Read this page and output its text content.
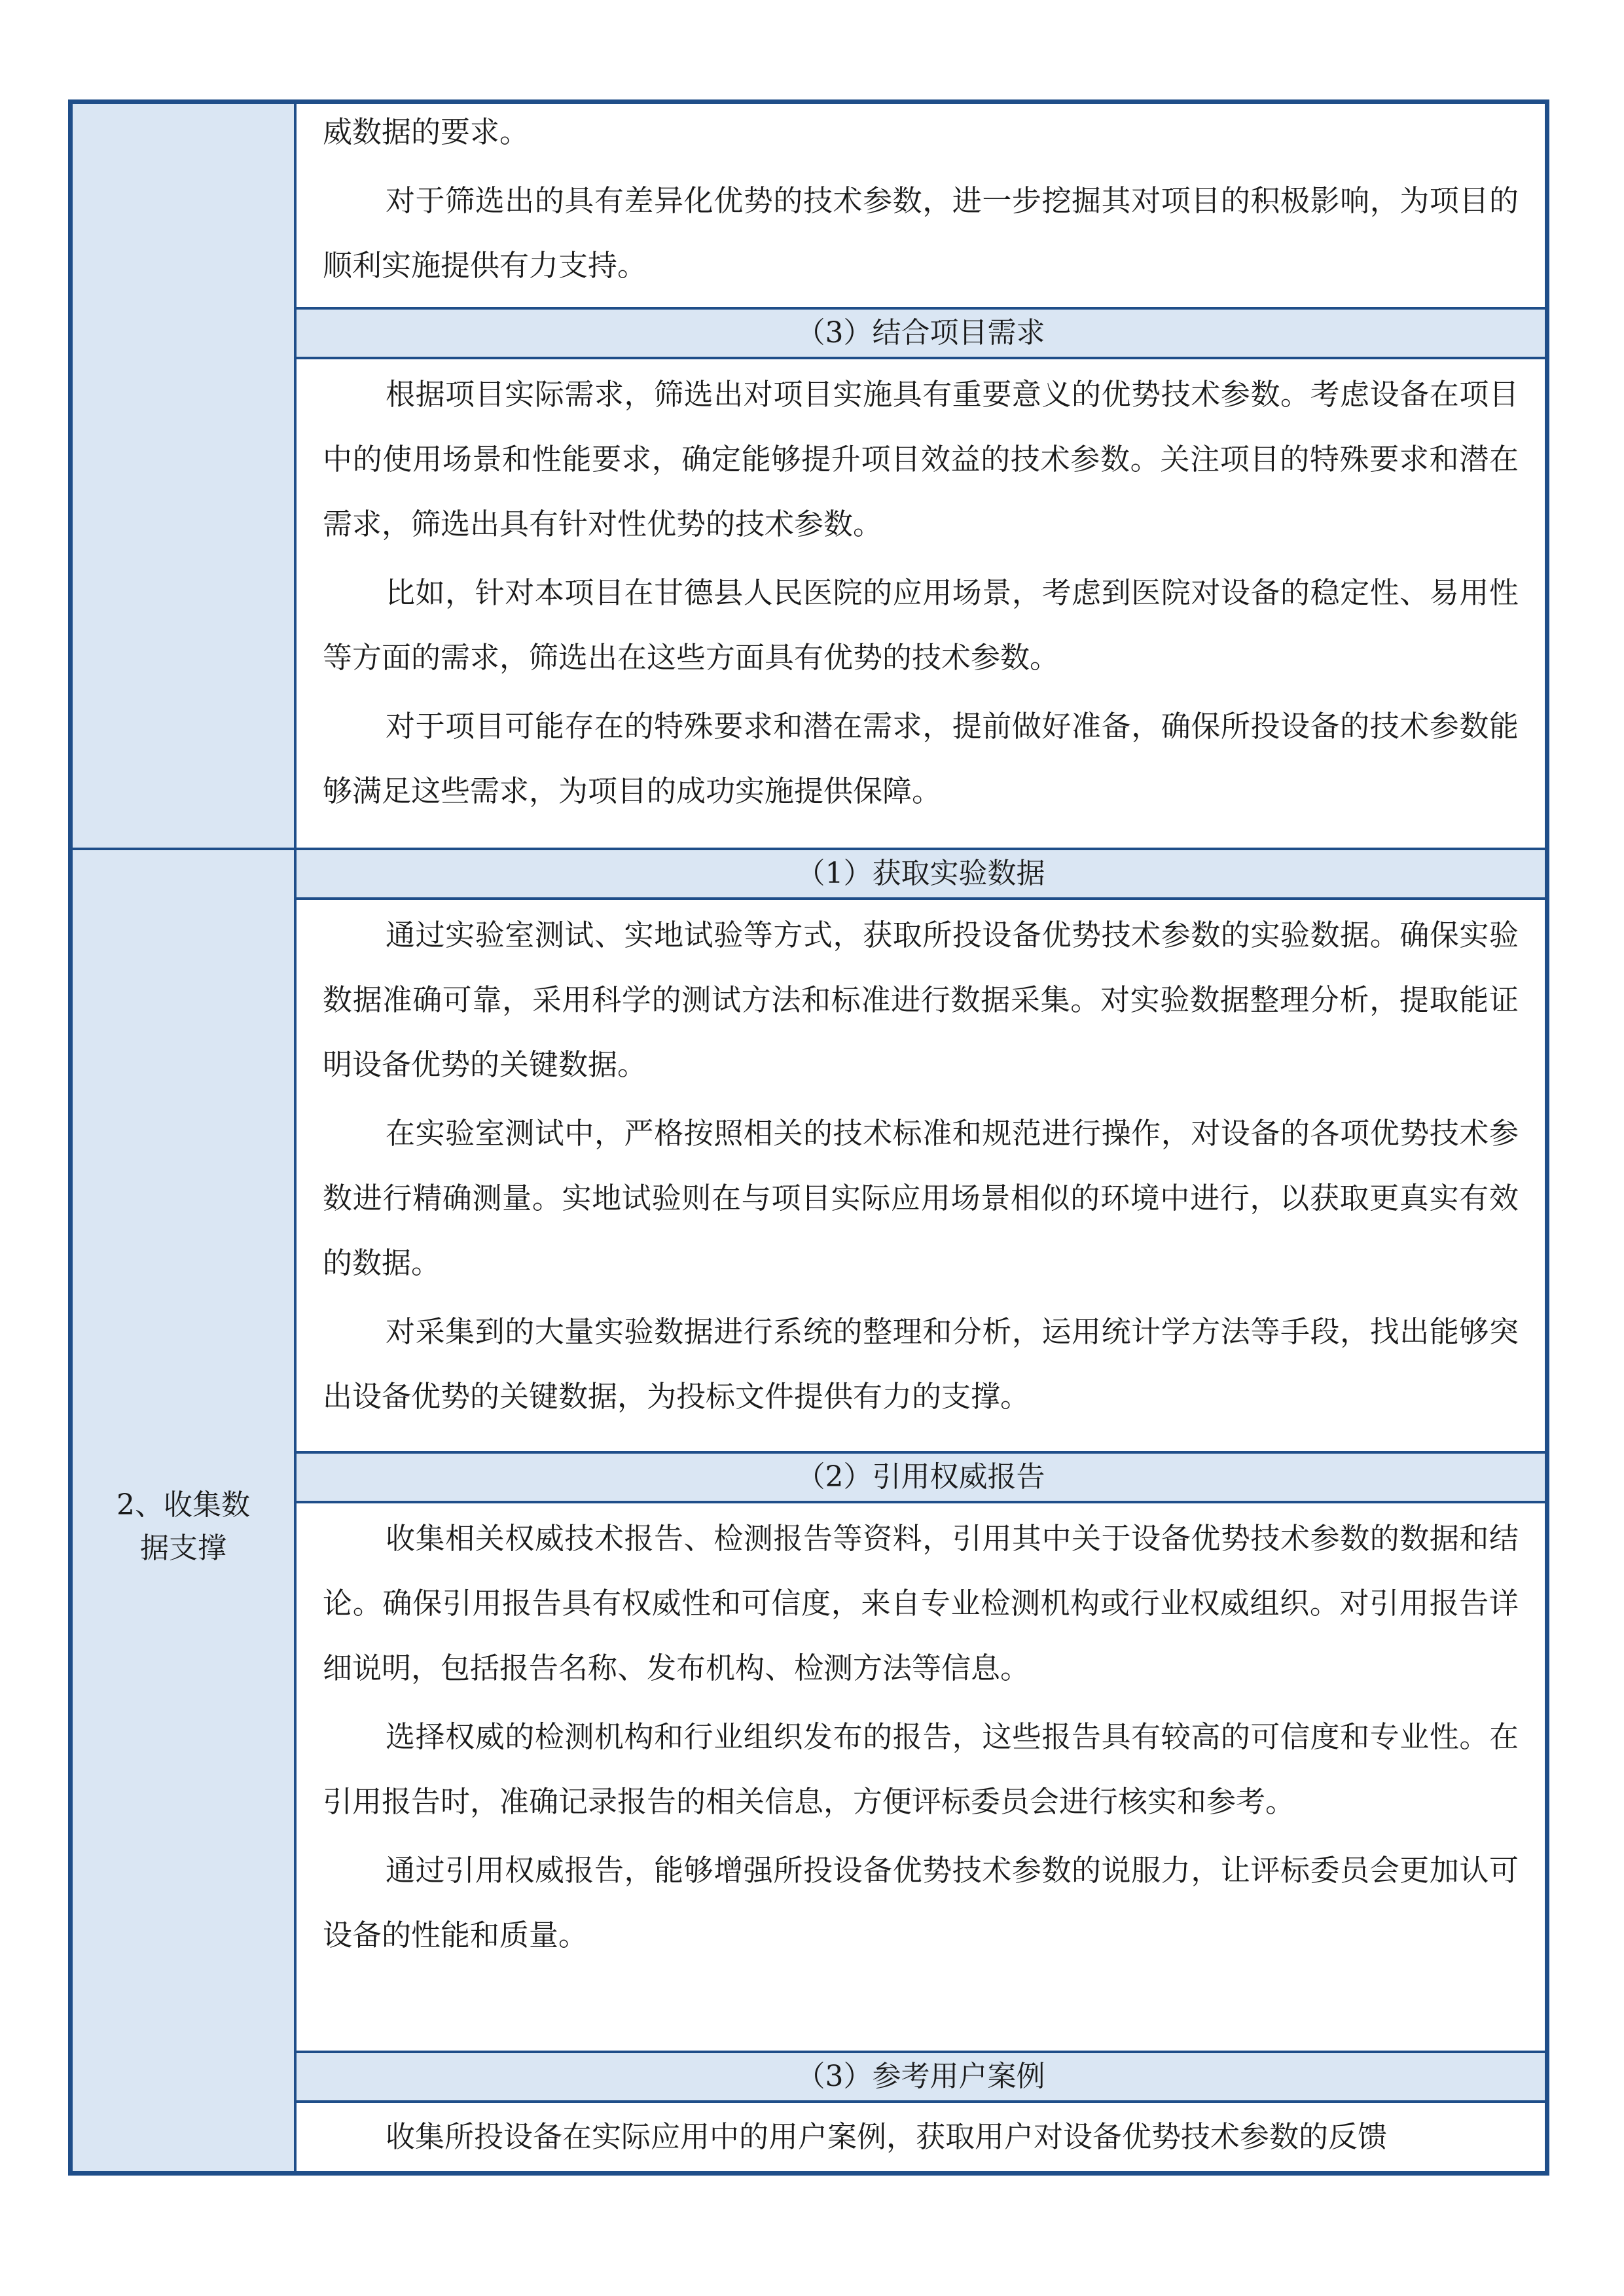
2、收集数
据支撑

威数据的要求。

对于筛选出的具有差异化优势的技术参数，进一步挖掘其对项目的积极影响，为项目的顺利实施提供有力支持。

（3）结合项目需求

根据项目实际需求，筛选出对项目实施具有重要意义的优势技术参数。考虑设备在项目中的使用场景和性能要求，确定能够提升项目效益的技术参数。关注项目的特殊要求和潜在需求，筛选出具有针对性优势的技术参数。

比如，针对本项目在甘德县人民医院的应用场景，考虑到医院对设备的稳定性、易用性等方面的需求，筛选出在这些方面具有优势的技术参数。

对于项目可能存在的特殊要求和潜在需求，提前做好准备，确保所投设备的技术参数能够满足这些需求，为项目的成功实施提供保障。

（1）获取实验数据

通过实验室测试、实地试验等方式，获取所投设备优势技术参数的实验数据。确保实验数据准确可靠，采用科学的测试方法和标准进行数据采集。对实验数据整理分析，提取能证明设备优势的关键数据。

在实验室测试中，严格按照相关的技术标准和规范进行操作，对设备的各项优势技术参数进行精确测量。实地试验则在与项目实际应用场景相似的环境中进行，以获取更真实有效的数据。

对采集到的大量实验数据进行系统的整理和分析，运用统计学方法等手段，找出能够突出设备优势的关键数据，为投标文件提供有力的支撑。

（2）引用权威报告

收集相关权威技术报告、检测报告等资料，引用其中关于设备优势技术参数的数据和结论。确保引用报告具有权威性和可信度，来自专业检测机构或行业权威组织。对引用报告详细说明，包括报告名称、发布机构、检测方法等信息。

选择权威的检测机构和行业组织发布的报告，这些报告具有较高的可信度和专业性。在引用报告时，准确记录报告的相关信息，方便评标委员会进行核实和参考。

通过引用权威报告，能够增强所投设备优势技术参数的说服力，让评标委员会更加认可设备的性能和质量。

（3）参考用户案例

收集所投设备在实际应用中的用户案例，获取用户对设备优势技术参数的反馈
